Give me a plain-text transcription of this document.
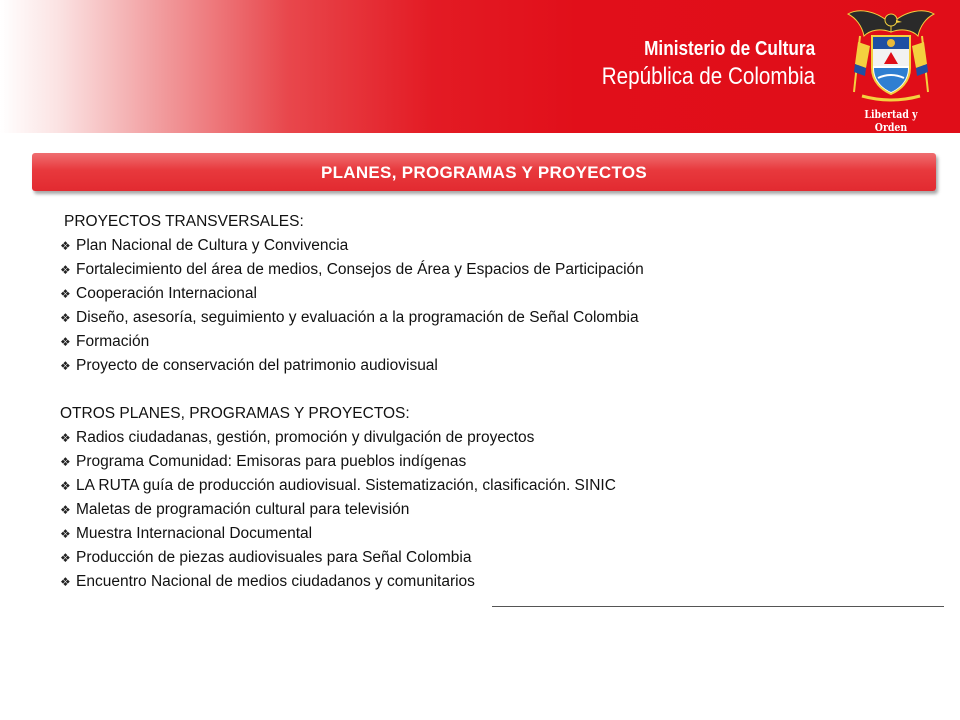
Ministerio de Cultura
República de Colombia
Libertad y Orden
PLANES, PROGRAMAS Y PROYECTOS

PROYECTOS TRANSVERSALES:

❖ Plan Nacional de Cultura y Convivencia
❖ Fortalecimiento del área de medios, Consejos de Área y Espacios de Participación
❖ Cooperación Internacional
❖ Diseño, asesoría, seguimiento y evaluación a la programación de Señal Colombia
❖ Formación
❖ Proyecto de conservación del patrimonio audiovisual

OTROS PLANES, PROGRAMAS Y PROYECTOS:

❖ Radios ciudadanas, gestión, promoción y divulgación de proyectos
❖ Programa Comunidad: Emisoras para pueblos indígenas
❖ LA RUTA guía de producción audiovisual. Sistematización, clasificación. SINIC
❖ Maletas de programación cultural para televisión
❖ Muestra Internacional Documental
❖ Producción de piezas audiovisuales para Señal Colombia
❖ Encuentro Nacional de medios ciudadanos y comunitarios
